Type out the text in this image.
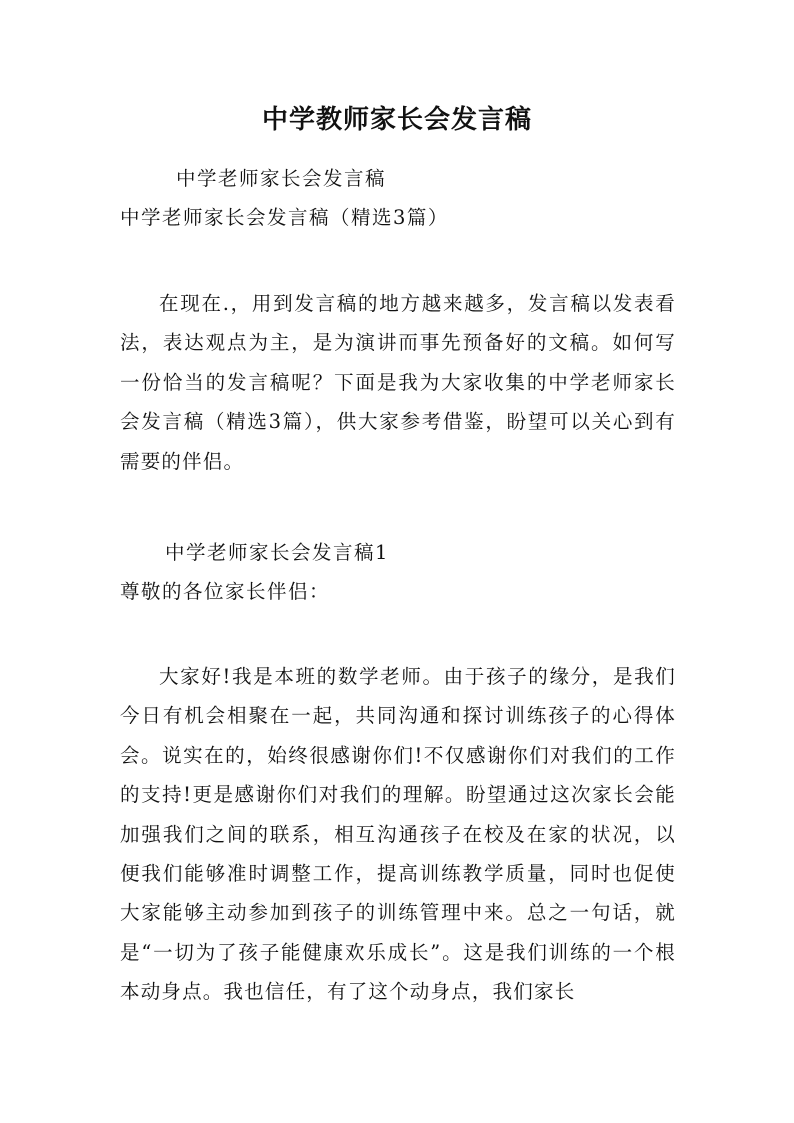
中学教师家长会发言稿
中学老师家长会发言稿
中学老师家长会发言稿（精选3篇）
在现在.，用到发言稿的地方越来越多，发言稿以发表看法，表达观点为主，是为演讲而事先预备好的文稿。如何写一份恰当的发言稿呢？下面是我为大家收集的中学老师家长会发言稿（精选3篇），供大家参考借鉴，盼望可以关心到有需要的伴侣。
中学老师家长会发言稿1
尊敬的各位家长伴侣：
大家好!我是本班的数学老师。由于孩子的缘分，是我们今日有机会相聚在一起，共同沟通和探讨训练孩子的心得体会。说实在的，始终很感谢你们!不仅感谢你们对我们的工作的支持!更是感谢你们对我们的理解。盼望通过这次家长会能加强我们之间的联系，相互沟通孩子在校及在家的状况，以便我们能够准时调整工作，提高训练教学质量，同时也促使大家能够主动参加到孩子的训练管理中来。总之一句话，就是“一切为了孩子能健康欢乐成长”。这是我们训练的一个根本动身点。我也信任，有了这个动身点，我们家长
